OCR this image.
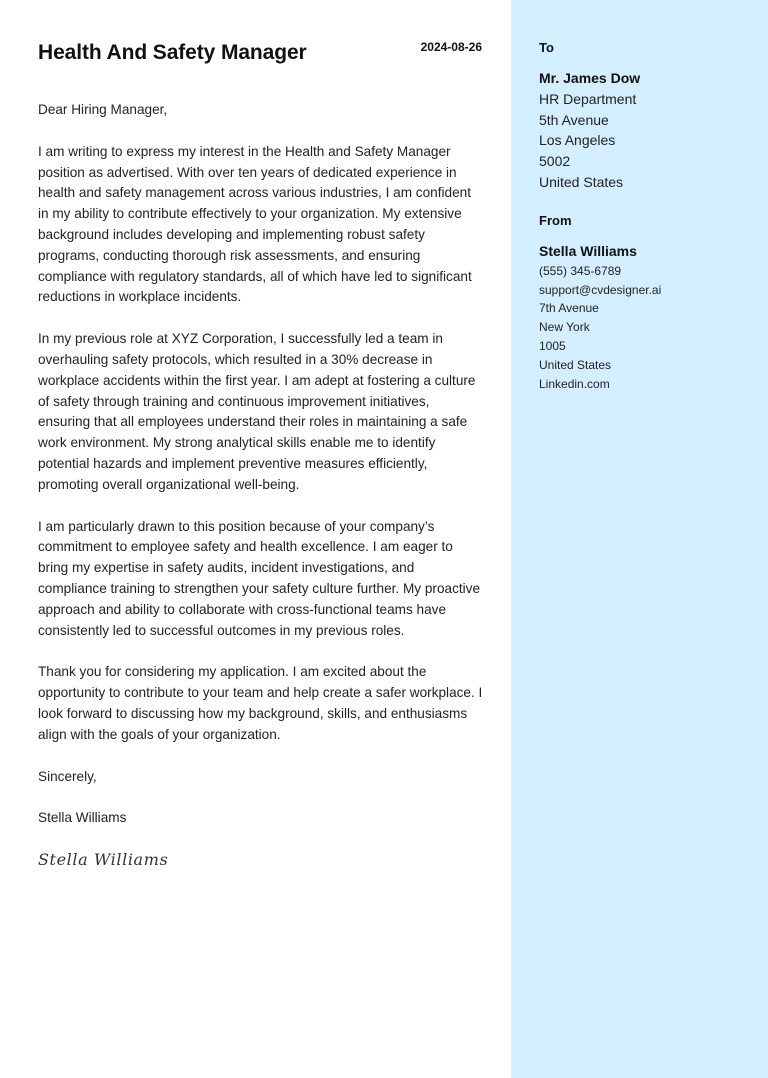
Health And Safety Manager	2024-08-26

Dear Hiring Manager,

I am writing to express my interest in the Health and Safety Manager position as advertised. With over ten years of dedicated experience in health and safety management across various industries, I am confident in my ability to contribute effectively to your organization. My extensive background includes developing and implementing robust safety programs, conducting thorough risk assessments, and ensuring compliance with regulatory standards, all of which have led to significant reductions in workplace incidents.

In my previous role at XYZ Corporation, I successfully led a team in overhauling safety protocols, which resulted in a 30% decrease in workplace accidents within the first year. I am adept at fostering a culture of safety through training and continuous improvement initiatives, ensuring that all employees understand their roles in maintaining a safe work environment. My strong analytical skills enable me to identify potential hazards and implement preventive measures efficiently, promoting overall organizational well-being.

I am particularly drawn to this position because of your company’s commitment to employee safety and health excellence. I am eager to bring my expertise in safety audits, incident investigations, and compliance training to strengthen your safety culture further. My proactive approach and ability to collaborate with cross-functional teams have consistently led to successful outcomes in my previous roles.

Thank you for considering my application. I am excited about the opportunity to contribute to your team and help create a safer workplace. I look forward to discussing how my background, skills, and enthusiasms align with the goals of your organization.

Sincerely,

Stella Williams

Stella Williams
To
Mr. James Dow
HR Department
5th Avenue
Los Angeles
5002
United States
From
Stella Williams
(555) 345-6789
support@cvdesigner.ai
7th Avenue
New York
1005
United States
Linkedin.com
